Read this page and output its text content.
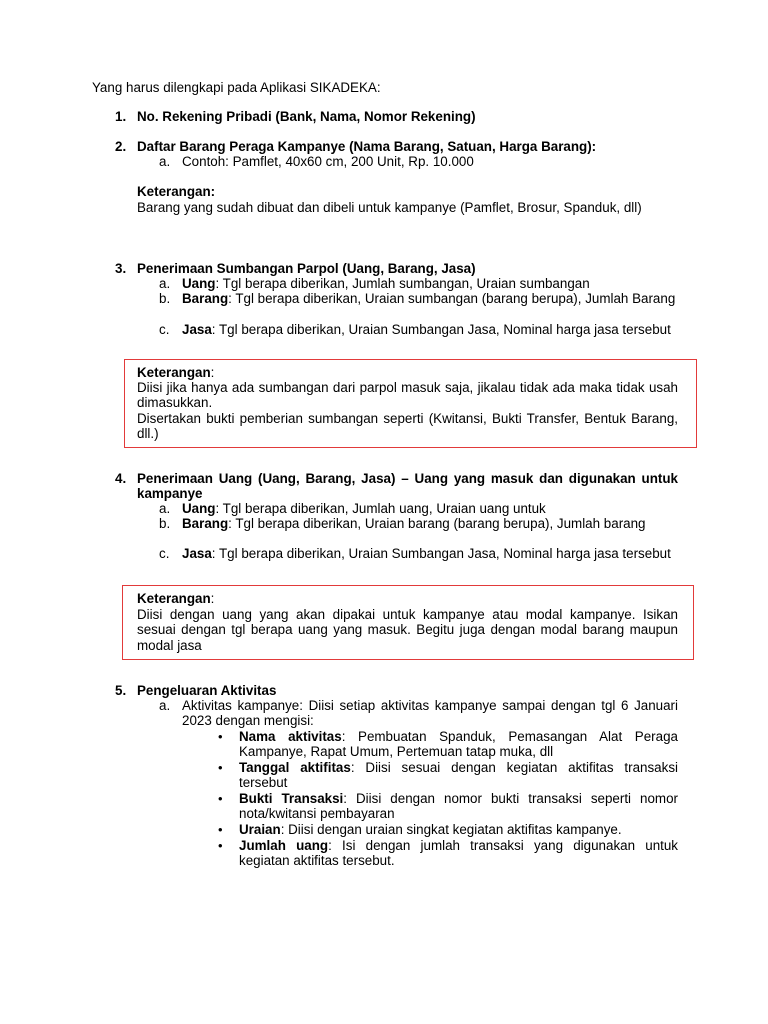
Yang harus dilengkapi pada Aplikasi SIKADEKA:
1. No. Rekening Pribadi (Bank, Nama, Nomor Rekening)
2. Daftar Barang Peraga Kampanye (Nama Barang, Satuan, Harga Barang):
a. Contoh: Pamflet, 40x60 cm, 200 Unit, Rp. 10.000
Keterangan:
Barang yang sudah dibuat dan dibeli untuk kampanye (Pamflet, Brosur, Spanduk, dll)
3. Penerimaan Sumbangan Parpol (Uang, Barang, Jasa)
a. Uang: Tgl berapa diberikan, Jumlah sumbangan, Uraian sumbangan
b. Barang: Tgl berapa diberikan, Uraian sumbangan (barang berupa), Jumlah Barang
c. Jasa: Tgl berapa diberikan, Uraian Sumbangan Jasa, Nominal harga jasa tersebut
Keterangan:
Diisi jika hanya ada sumbangan dari parpol masuk saja, jikalau tidak ada maka tidak usah dimasukkan.
Disertakan bukti pemberian sumbangan seperti (Kwitansi, Bukti Transfer, Bentuk Barang, dll.)
4. Penerimaan Uang (Uang, Barang, Jasa) – Uang yang masuk dan digunakan untuk kampanye
a. Uang: Tgl berapa diberikan, Jumlah uang, Uraian uang untuk
b. Barang: Tgl berapa diberikan, Uraian barang (barang berupa), Jumlah barang
c. Jasa: Tgl berapa diberikan, Uraian Sumbangan Jasa, Nominal harga jasa tersebut
Keterangan:
Diisi dengan uang yang akan dipakai untuk kampanye atau modal kampanye. Isikan sesuai dengan tgl berapa uang yang masuk. Begitu juga dengan modal barang maupun modal jasa
5. Pengeluaran Aktivitas
a. Aktivitas kampanye: Diisi setiap aktivitas kampanye sampai dengan tgl 6 Januari 2023 dengan mengisi:
• Nama aktivitas: Pembuatan Spanduk, Pemasangan Alat Peraga Kampanye, Rapat Umum, Pertemuan tatap muka, dll
• Tanggal aktifitas: Diisi sesuai dengan kegiatan aktifitas transaksi tersebut
• Bukti Transaksi: Diisi dengan nomor bukti transaksi seperti nomor nota/kwitansi pembayaran
• Uraian: Diisi dengan uraian singkat kegiatan aktifitas kampanye.
• Jumlah uang: Isi dengan jumlah transaksi yang digunakan untuk kegiatan aktifitas tersebut.
